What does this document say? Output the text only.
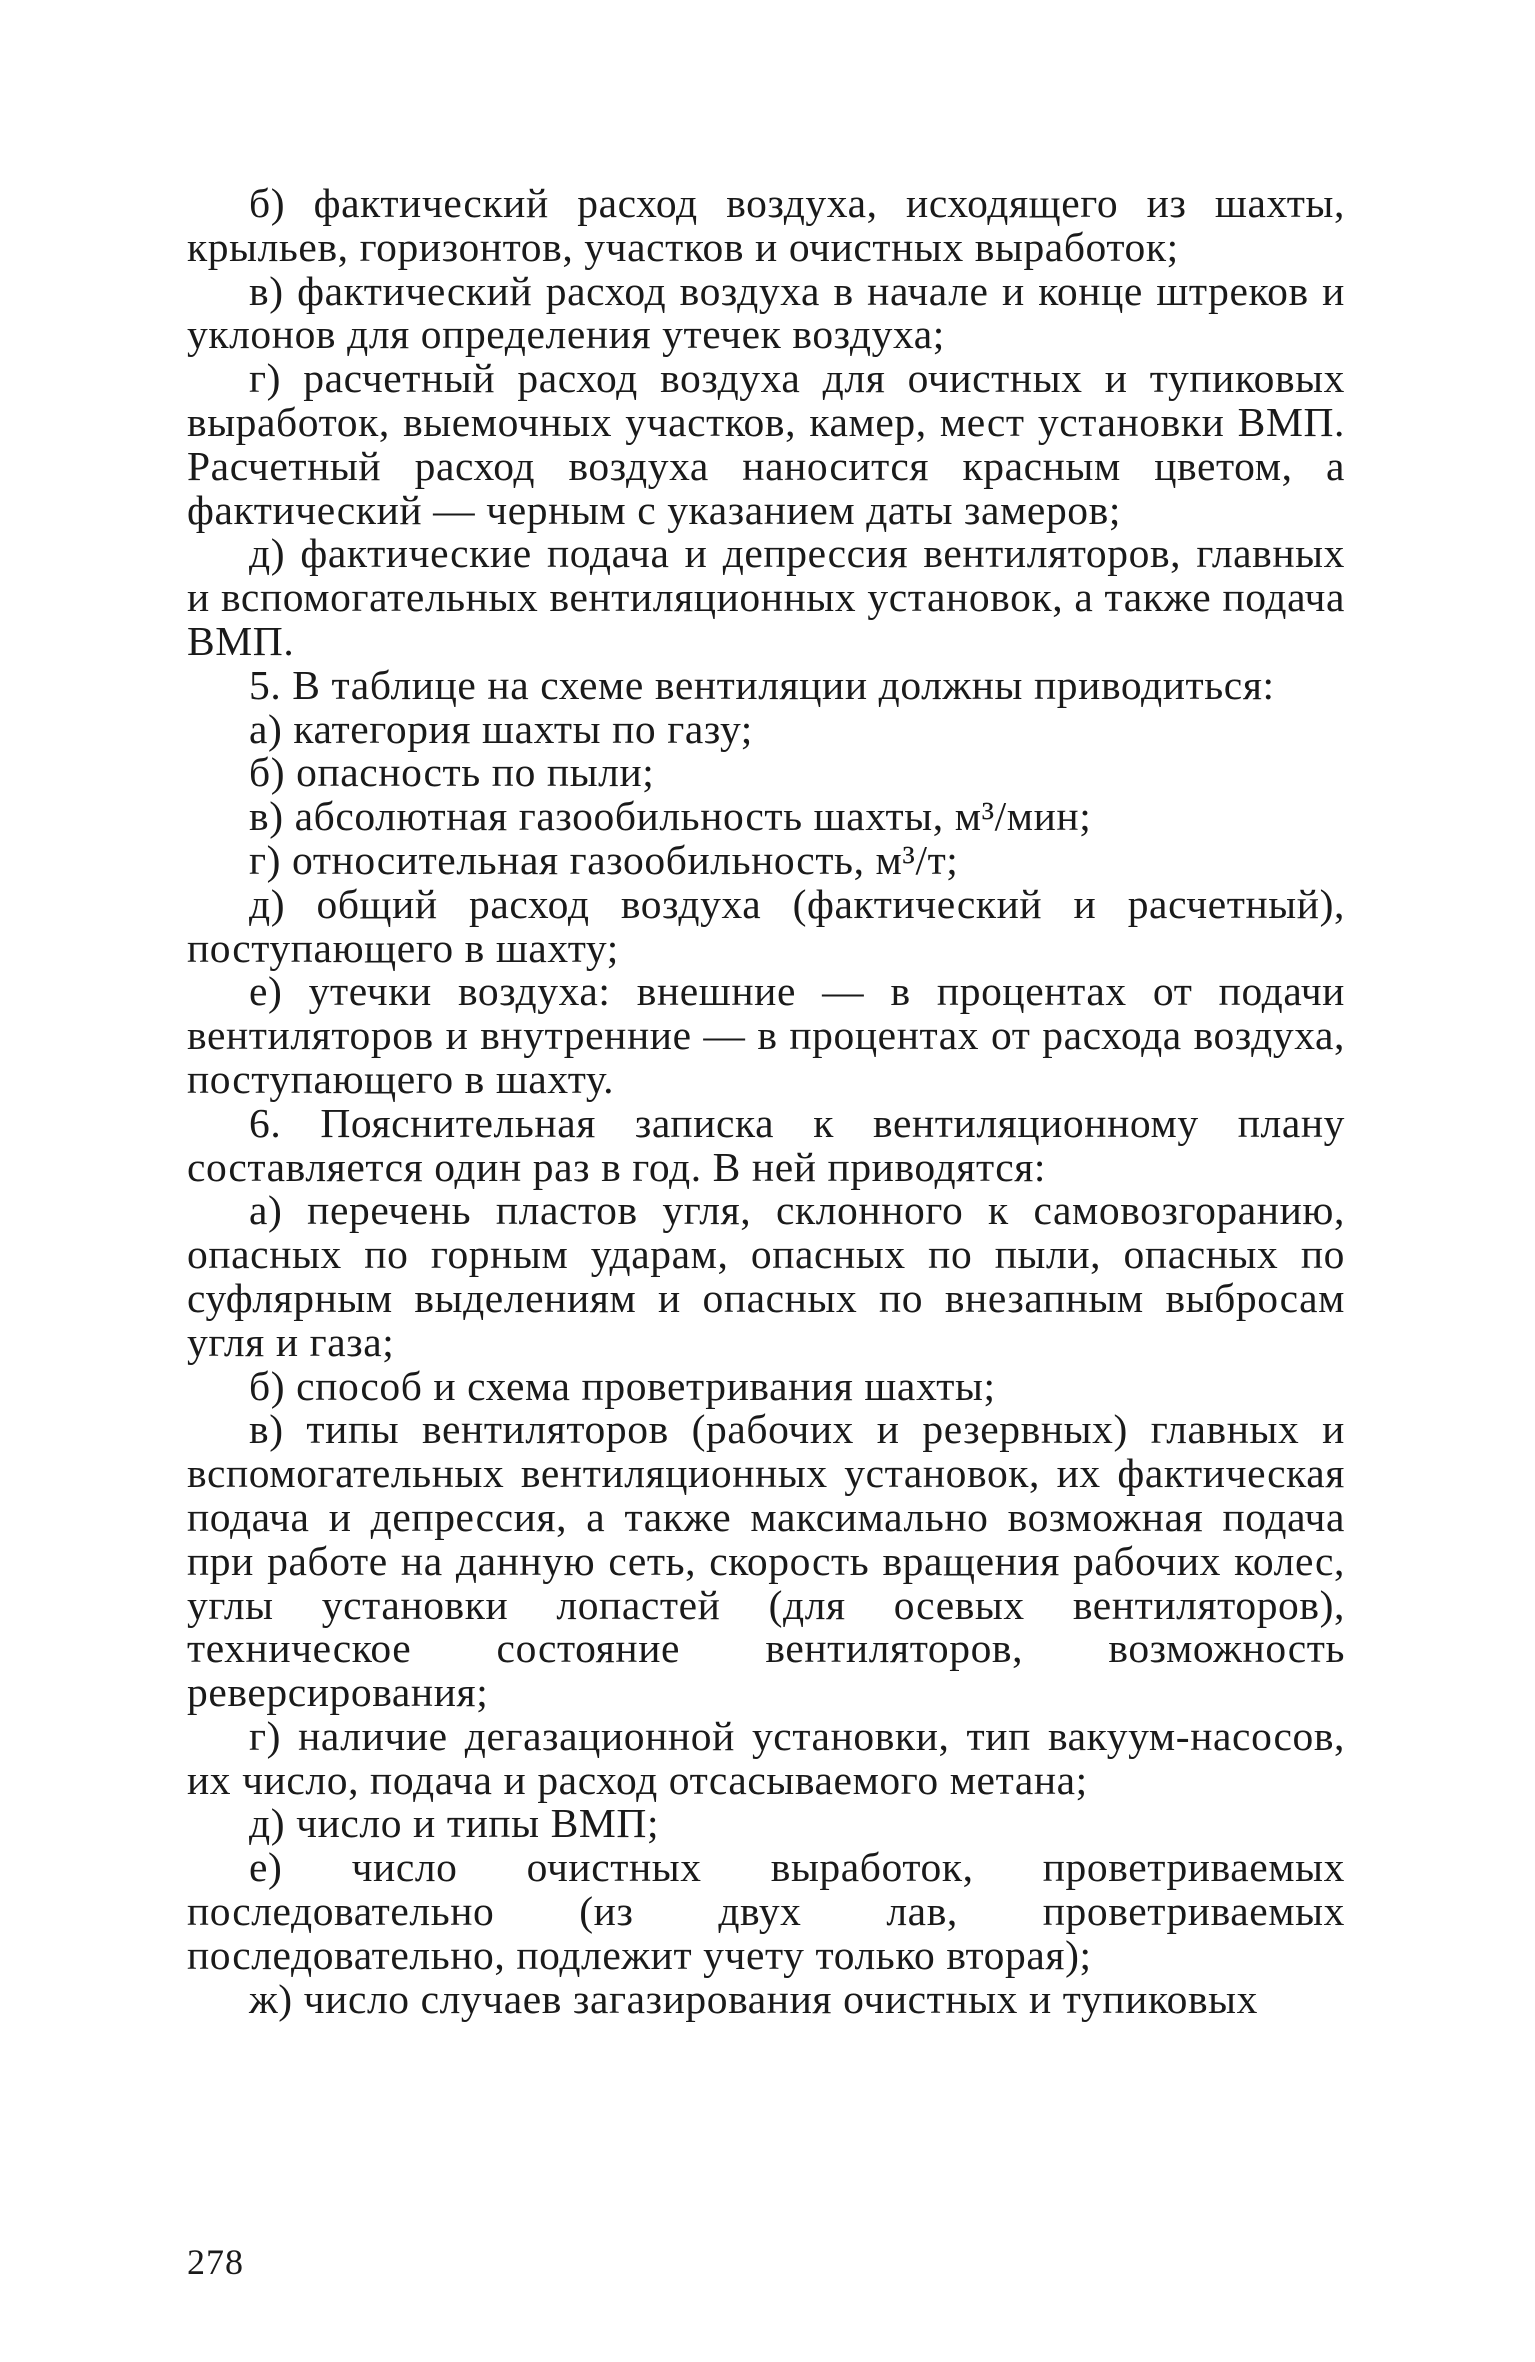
б) фактический расход воздуха, исходящего из шахты, крыльев, горизонтов, участков и очистных выработок;

в) фактический расход воздуха в начале и конце штреков и уклонов для определения утечек воздуха;

г) расчетный расход воздуха для очистных и тупиковых выработок, выемочных участков, камер, мест установки ВМП. Расчетный расход воздуха наносится красным цветом, а фактический — черным с указанием даты замеров;

д) фактические подача и депрессия вентиляторов, главных и вспомогательных вентиляционных установок, а также подача ВМП.

5. В таблице на схеме вентиляции должны приводиться:

а) категория шахты по газу;

б) опасность по пыли;

в) абсолютная газообильность шахты, м³/мин;

г) относительная газообильность, м³/т;

д) общий расход воздуха (фактический и расчетный), поступающего в шахту;

е) утечки воздуха: внешние — в процентах от подачи вентиляторов и внутренние — в процентах от расхода воздуха, поступающего в шахту.

6. Пояснительная записка к вентиляционному плану составляется один раз в год. В ней приводятся:

а) перечень пластов угля, склонного к самовозгоранию, опасных по горным ударам, опасных по пыли, опасных по суфлярным выделениям и опасных по внезапным выбросам угля и газа;

б) способ и схема проветривания шахты;

в) типы вентиляторов (рабочих и резервных) главных и вспомогательных вентиляционных установок, их фактическая подача и депрессия, а также максимально возможная подача при работе на данную сеть, скорость вращения рабочих колес, углы установки лопастей (для осевых вентиляторов), техническое состояние вентиляторов, возможность реверсирования;

г) наличие дегазационной установки, тип вакуум-насосов, их число, подача и расход отсасываемого метана;

д) число и типы ВМП;

е) число очистных выработок, проветриваемых последовательно (из двух лав, проветриваемых последовательно, подлежит учету только вторая);

ж) число случаев загазирования очистных и тупиковых

278
